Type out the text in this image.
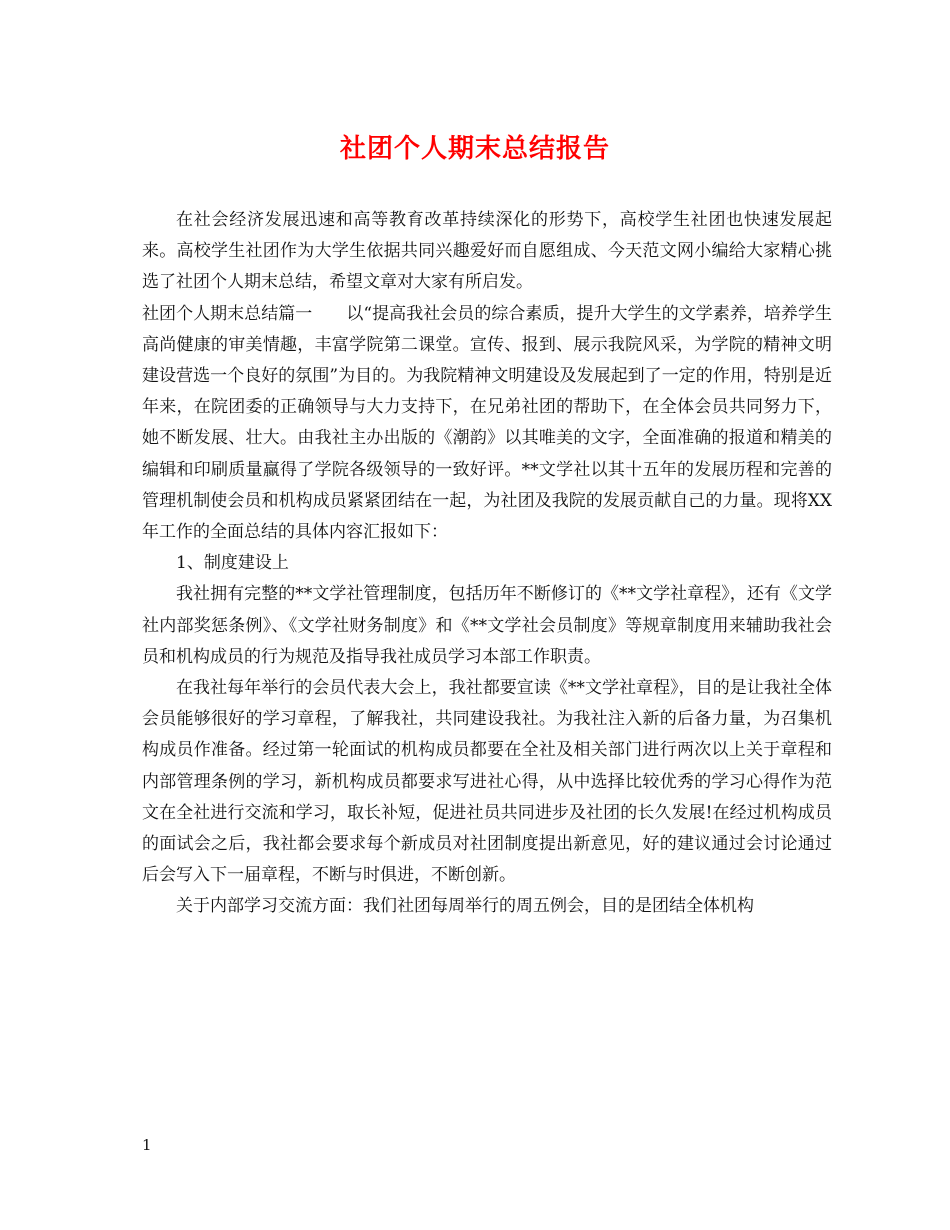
社团个人期末总结报告

在社会经济发展迅速和高等教育改革持续深化的形势下，高校学生社团也快速发展起来。高校学生社团作为大学生依据共同兴趣爱好而自愿组成、今天范文网小编给大家精心挑选了社团个人期末总结，希望文章对大家有所启发。

社团个人期末总结篇一　　以“提高我社会员的综合素质，提升大学生的文学素养，培养学生高尚健康的审美情趣，丰富学院第二课堂。宣传、报到、展示我院风采，为学院的精神文明建设营选一个良好的氛围”为目的。为我院精神文明建设及发展起到了一定的作用，特别是近年来，在院团委的正确领导与大力支持下，在兄弟社团的帮助下，在全体会员共同努力下，她不断发展、壮大。由我社主办出版的《潮韵》以其唯美的文字，全面准确的报道和精美的编辑和印刷质量赢得了学院各级领导的一致好评。**文学社以其十五年的发展历程和完善的管理机制使会员和机构成员紧紧团结在一起，为社团及我院的发展贡献自己的力量。现将XX年工作的全面总结的具体内容汇报如下：

1、制度建设上

我社拥有完整的**文学社管理制度，包括历年不断修订的《**文学社章程》，还有《文学社内部奖惩条例》、《文学社财务制度》和《**文学社会员制度》等规章制度用来辅助我社会员和机构成员的行为规范及指导我社成员学习本部工作职责。

在我社每年举行的会员代表大会上，我社都要宣读《**文学社章程》，目的是让我社全体会员能够很好的学习章程，了解我社，共同建设我社。为我社注入新的后备力量，为召集机构成员作准备。经过第一轮面试的机构成员都要在全社及相关部门进行两次以上关于章程和内部管理条例的学习，新机构成员都要求写进社心得，从中选择比较优秀的学习心得作为范文在全社进行交流和学习，取长补短，促进社员共同进步及社团的长久发展!在经过机构成员的面试会之后，我社都会要求每个新成员对社团制度提出新意见，好的建议通过会讨论通过后会写入下一届章程，不断与时俱进，不断创新。

关于内部学习交流方面：我们社团每周举行的周五例会，目的是团结全体机构

1
